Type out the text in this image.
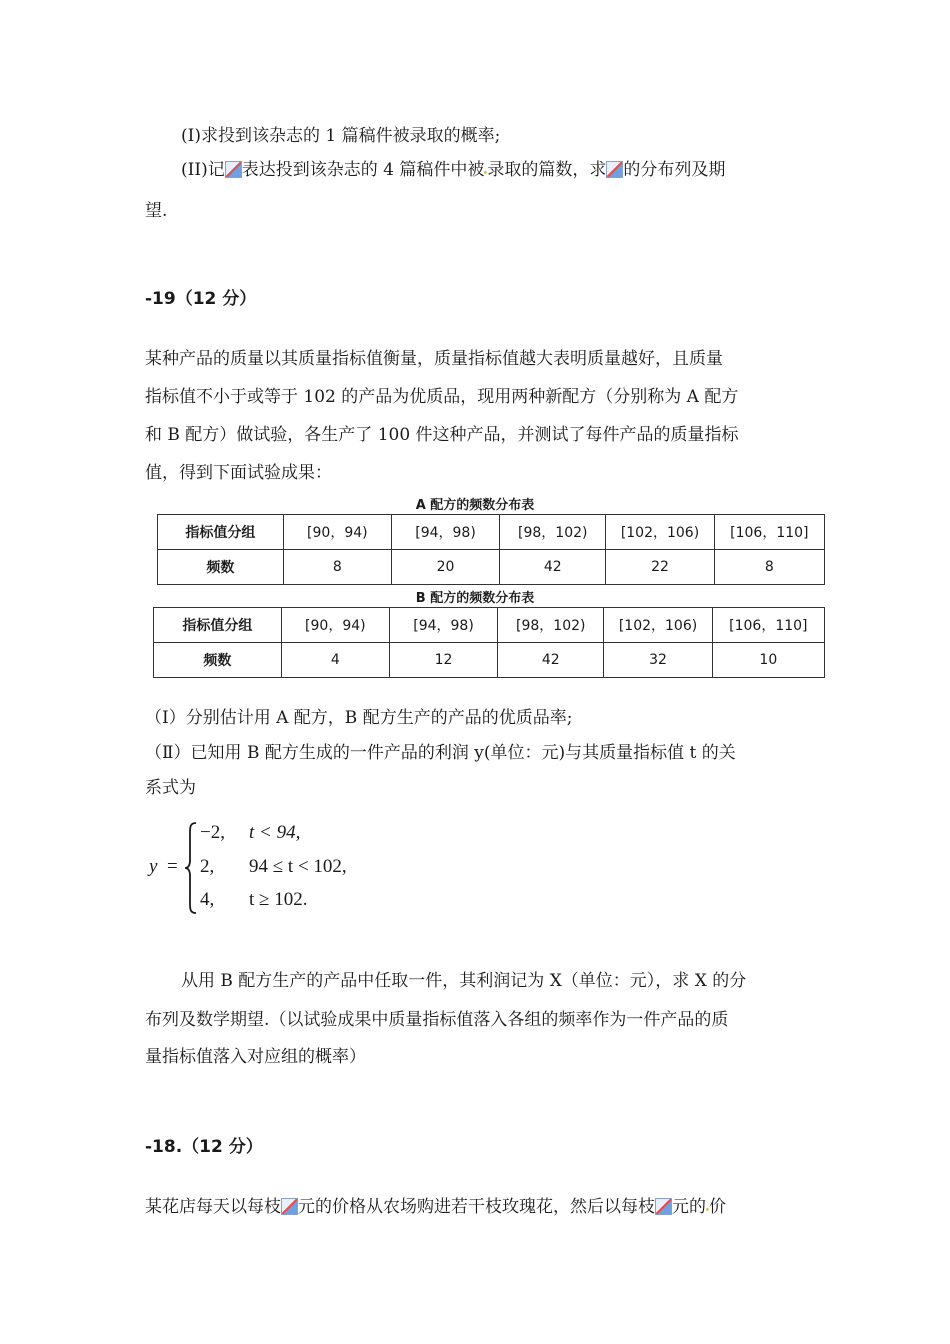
(I)求投到该杂志的 1 篇稿件被录取的概率;
(II)记 表达投到该杂志的 4 篇稿件中被 录取的篇数，求 的分布列及期
望.
-19（12 分）
某种产品的质量以其质量指标值衡量，质量指标值越大表明质量越好，且质量
指标值不小于或等于 102 的产品为优质品，现用两种新配方（分别称为 A 配方
和 B 配方）做试验，各生产了 100 件这种产品，并测试了每件产品的质量指标
值，得到下面试验成果：
A 配方的频数分布表
指标值分组	[90，94)	[94，98)	[98，102)	[102，106)	[106，110]
频数	8	20	42	22	8
B 配方的频数分布表
指标值分组	[90，94)	[94，98)	[98，102)	[102，106)	[106，110]
频数	4	12	42	32	10
（Ⅰ）分别估计用 A 配方，B 配方生产的产品的优质品率;
（Ⅱ）已知用 B 配方生成的一件产品的利润 y(单位：元)与其质量指标值 t 的关
系式为
y =
−2, t < 94,
2, 94 ≤ t < 102,
4, t ≥ 102.
从用 B 配方生产的产品中任取一件，其利润记为 X（单位：元），求 X 的分
布列及数学期望.（以试验成果中质量指标值落入各组的频率作为一件产品的质
量指标值落入对应组的概率）
-18.（12 分）
某花店每天以每枝 元的价格从农场购进若干枝玫瑰花，然后以每枝 元的 价
